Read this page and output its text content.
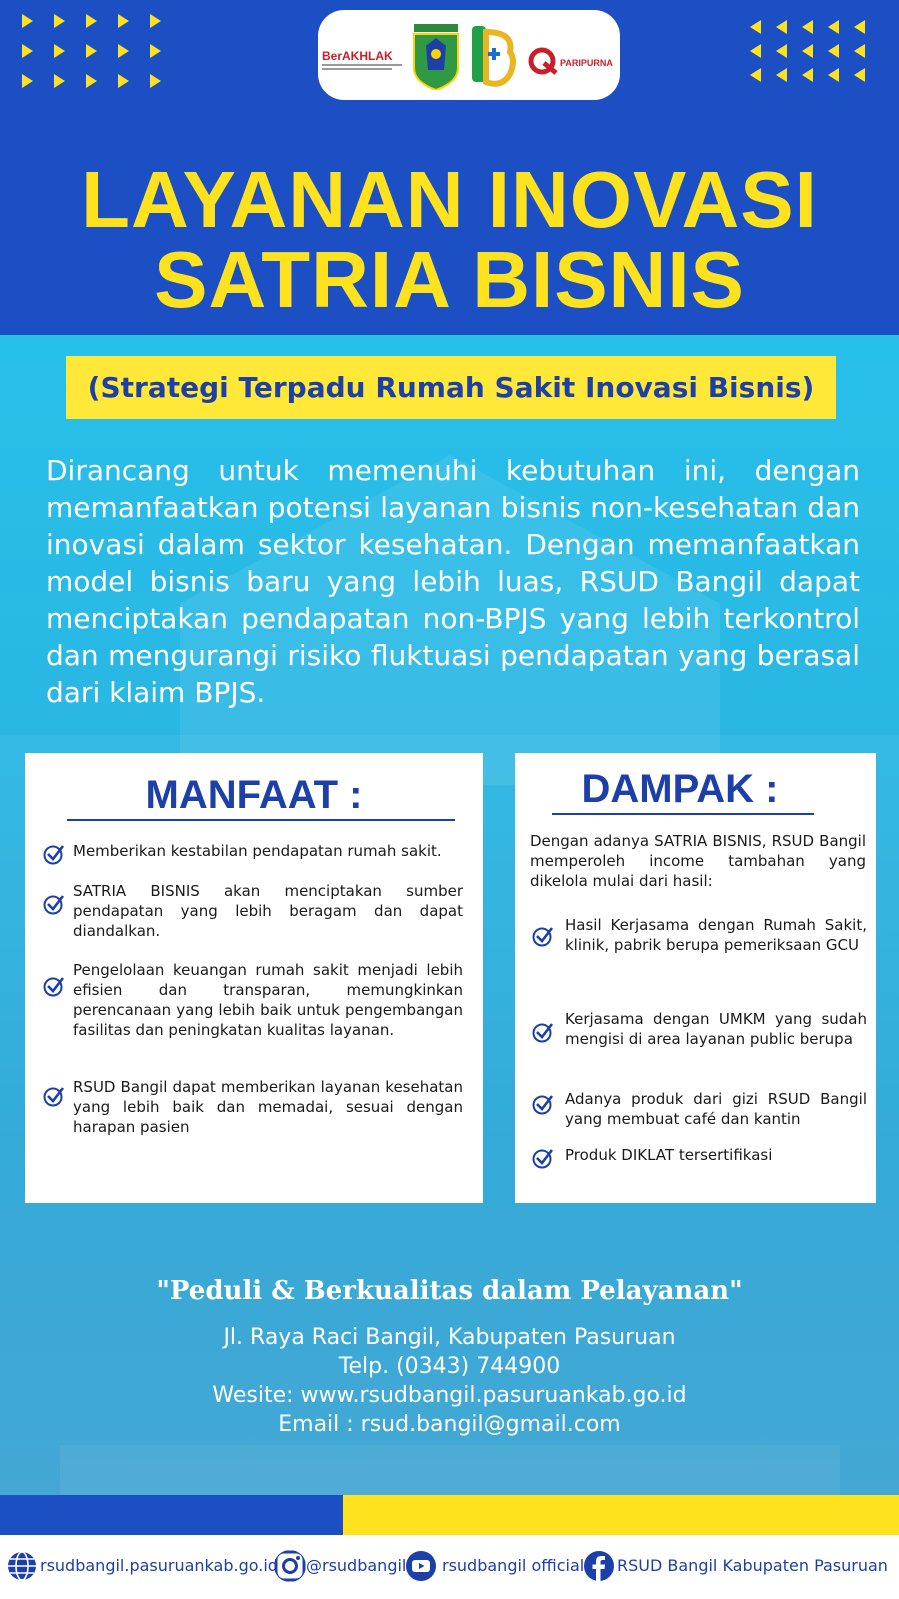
BerAKHLAK	PARIPURNA
LAYANAN INOVASI
SATRIA BISNIS
(Strategi Terpadu Rumah Sakit Inovasi Bisnis)
Dirancang untuk memenuhi kebutuhan ini, dengan memanfaatkan potensi layanan bisnis non-kesehatan dan inovasi dalam sektor kesehatan. Dengan memanfaatkan model bisnis baru yang lebih luas, RSUD Bangil dapat menciptakan pendapatan non-BPJS yang lebih terkontrol dan mengurangi risiko fluktuasi pendapatan yang berasal dari klaim BPJS.
MANFAAT :
Memberikan kestabilan pendapatan rumah sakit.
SATRIA BISNIS akan menciptakan sumber pendapatan yang lebih beragam dan dapat diandalkan.
Pengelolaan keuangan rumah sakit menjadi lebih efisien dan transparan, memungkinkan perencanaan yang lebih baik untuk pengembangan fasilitas dan peningkatan kualitas layanan.
RSUD Bangil dapat memberikan layanan kesehatan yang lebih baik dan memadai, sesuai dengan harapan pasien
DAMPAK :
Dengan adanya SATRIA BISNIS, RSUD Bangil memperoleh income tambahan yang dikelola mulai dari hasil:
Hasil Kerjasama dengan Rumah Sakit, klinik, pabrik berupa pemeriksaan GCU
Kerjasama dengan UMKM yang sudah mengisi di area layanan public berupa
Adanya produk dari gizi RSUD Bangil yang membuat café dan kantin
Produk DIKLAT tersertifikasi
"Peduli & Berkualitas dalam Pelayanan"
Jl. Raya Raci Bangil, Kabupaten Pasuruan
Telp. (0343) 744900
Wesite: www.rsudbangil.pasuruankab.go.id
Email : rsud.bangil@gmail.com
rsudbangil.pasuruankab.go.id @rsudbangil rsudbangil official RSUD Bangil Kabupaten Pasuruan
